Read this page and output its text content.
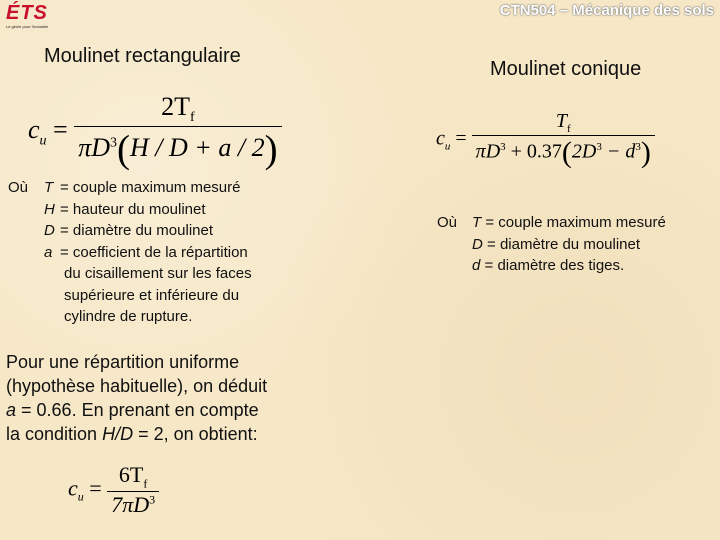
ÉTS
Le génie pour l'industrie
CTN504 – Mécanique des sols
Moulinet rectangulaire
$c_u = \frac{2T_f}{\pi D^3(H / D + a / 2)}$
Où T = couple maximum mesuré
H = hauteur du moulinet
D = diamètre du moulinet
a = coefficient de la répartition
du cisaillement sur les faces
supérieure et inférieure du
cylindre de rupture.
Pour une répartition uniforme
(hypothèse habituelle), on déduit
a = 0.66. En prenant en compte
la condition H/D = 2, on obtient:
$c_u = \frac{6T_f}{7\pi D^3}$
Moulinet conique
$c_u = \frac{T_f}{\pi D^3 + 0.37(2D^3 - d^3)}$
Où T = couple maximum mesuré
D = diamètre du moulinet
d = diamètre des tiges.
